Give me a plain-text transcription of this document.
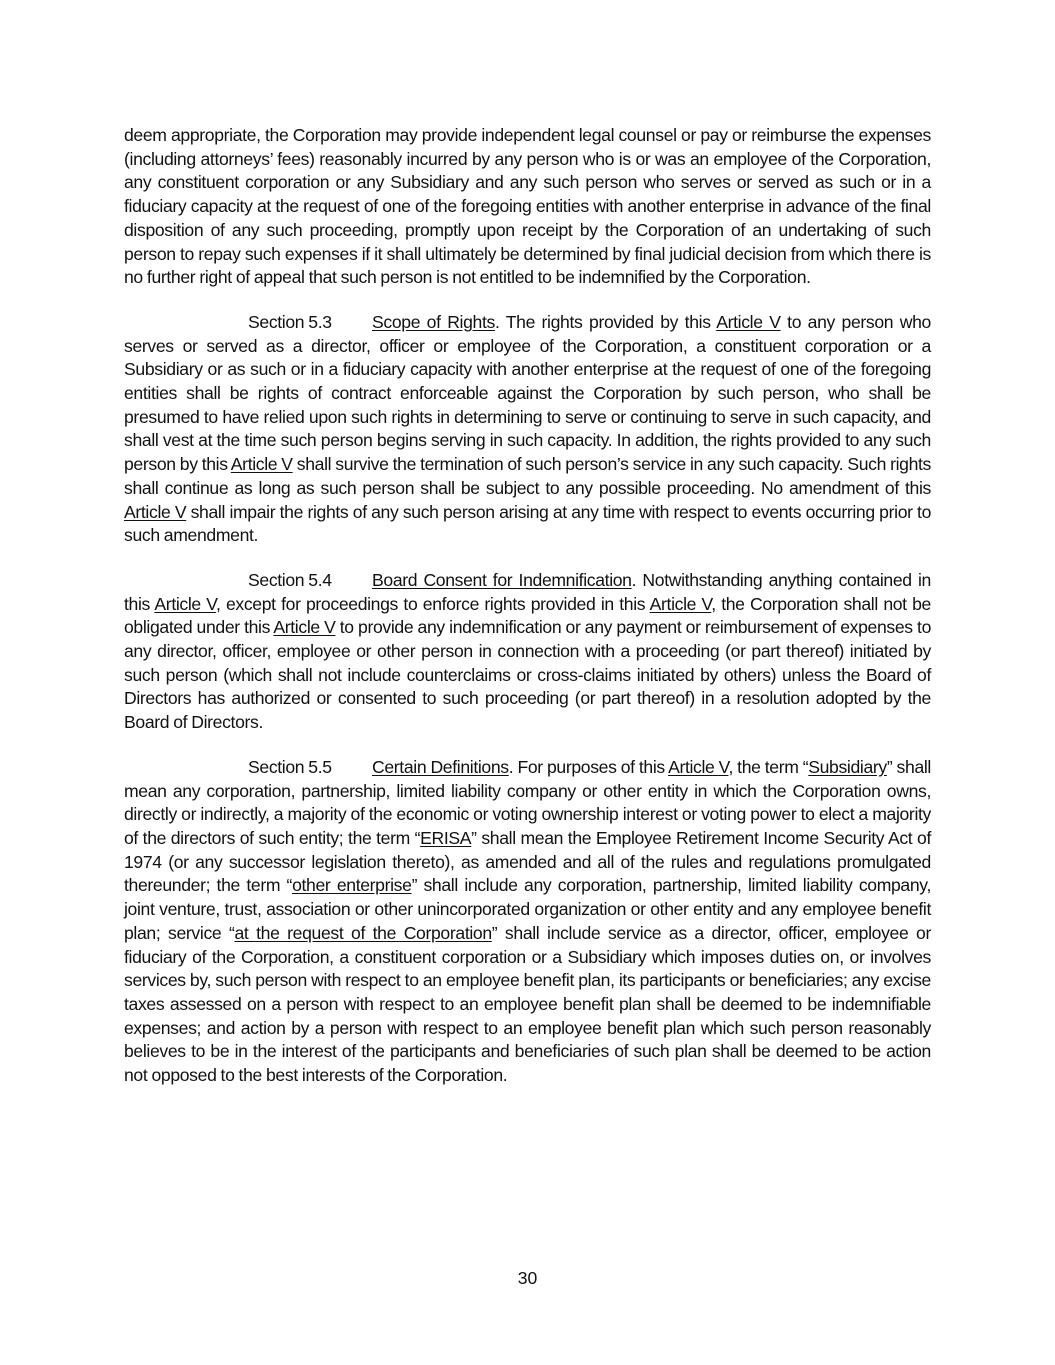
deem appropriate, the Corporation may provide independent legal counsel or pay or reimburse the expenses (including attorneys’ fees) reasonably incurred by any person who is or was an employee of the Corporation, any constituent corporation or any Subsidiary and any such person who serves or served as such or in a fiduciary capacity at the request of one of the foregoing entities with another enterprise in advance of the final disposition of any such proceeding, promptly upon receipt by the Corporation of an undertaking of such person to repay such expenses if it shall ultimately be determined by final judicial decision from which there is no further right of appeal that such person is not entitled to be indemnified by the Corporation.

Section 5.3 Scope of Rights. The rights provided by this Article V to any person who serves or served as a director, officer or employee of the Corporation, a constituent corporation or a Subsidiary or as such or in a fiduciary capacity with another enterprise at the request of one of the foregoing entities shall be rights of contract enforceable against the Corporation by such person, who shall be presumed to have relied upon such rights in determining to serve or continuing to serve in such capacity, and shall vest at the time such person begins serving in such capacity. In addition, the rights provided to any such person by this Article V shall survive the termination of such person’s service in any such capacity. Such rights shall continue as long as such person shall be subject to any possible proceeding. No amendment of this Article V shall impair the rights of any such person arising at any time with respect to events occurring prior to such amendment.

Section 5.4 Board Consent for Indemnification. Notwithstanding anything contained in this Article V, except for proceedings to enforce rights provided in this Article V, the Corporation shall not be obligated under this Article V to provide any indemnification or any payment or reimbursement of expenses to any director, officer, employee or other person in connection with a proceeding (or part thereof) initiated by such person (which shall not include counterclaims or cross-claims initiated by others) unless the Board of Directors has authorized or consented to such proceeding (or part thereof) in a resolution adopted by the Board of Directors.

Section 5.5 Certain Definitions. For purposes of this Article V, the term “Subsidiary” shall mean any corporation, partnership, limited liability company or other entity in which the Corporation owns, directly or indirectly, a majority of the economic or voting ownership interest or voting power to elect a majority of the directors of such entity; the term “ERISA” shall mean the Employee Retirement Income Security Act of 1974 (or any successor legislation thereto), as amended and all of the rules and regulations promulgated thereunder; the term “other enterprise” shall include any corporation, partnership, limited liability company, joint venture, trust, association or other unincorporated organization or other entity and any employee benefit plan; service “at the request of the Corporation” shall include service as a director, officer, employee or fiduciary of the Corporation, a constituent corporation or a Subsidiary which imposes duties on, or involves services by, such person with respect to an employee benefit plan, its participants or beneficiaries; any excise taxes assessed on a person with respect to an employee benefit plan shall be deemed to be indemnifiable expenses; and action by a person with respect to an employee benefit plan which such person reasonably believes to be in the interest of the participants and beneficiaries of such plan shall be deemed to be action not opposed to the best interests of the Corporation.

30
